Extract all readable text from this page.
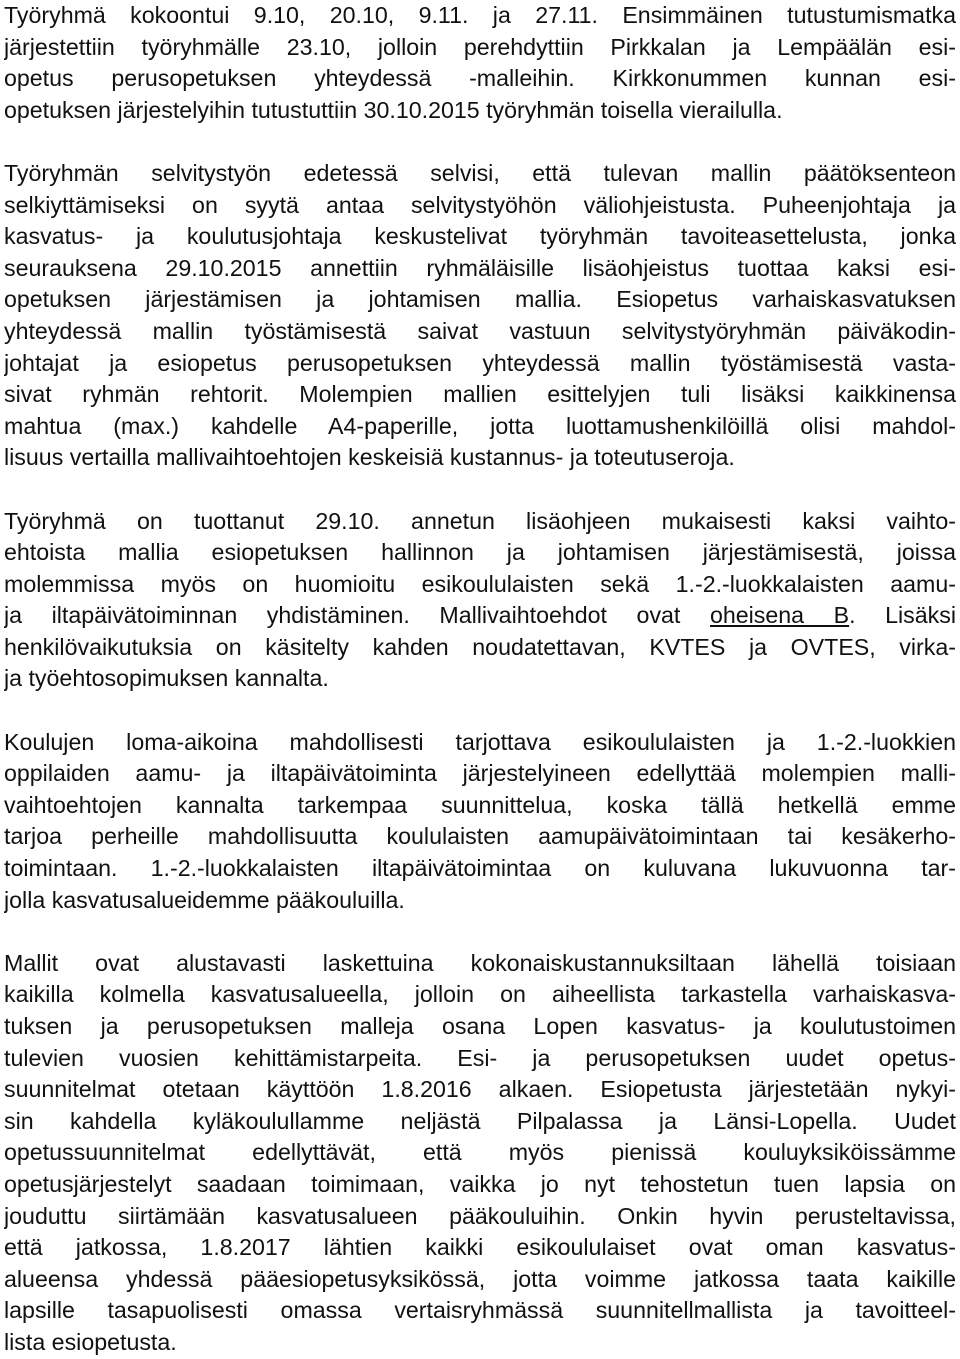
Työryhmä kokoontui 9.10, 20.10, 9.11. ja 27.11. Ensimmäinen tutustumismatka
järjestettiin työryhmälle 23.10, jolloin perehdyttiin Pirkkalan ja Lempäälän esi-
opetus perusopetuksen yhteydessä -malleihin. Kirkkonummen kunnan esi-
opetuksen järjestelyihin tutustuttiin 30.10.2015 työryhmän toisella vierailulla.

Työryhmän selvitystyön edetessä selvisi, että tulevan mallin päätöksenteon
selkiyttämiseksi on syytä antaa selvitystyöhön väliohjeistusta. Puheenjohtaja ja
kasvatus- ja koulutusjohtaja keskustelivat työryhmän tavoiteasettelusta, jonka
seurauksena 29.10.2015 annettiin ryhmäläisille lisäohjeistus tuottaa kaksi esi-
opetuksen järjestämisen ja johtamisen mallia. Esiopetus varhaiskasvatuksen
yhteydessä mallin työstämisestä saivat vastuun selvitystyöryhmän päiväkodin-
johtajat ja esiopetus perusopetuksen yhteydessä mallin työstämisestä vasta-
sivat ryhmän rehtorit. Molempien mallien esittelyjen tuli lisäksi kaikkinensa
mahtua (max.) kahdelle A4-paperille, jotta luottamushenkilöillä olisi mahdol-
lisuus vertailla mallivaihtoehtojen keskeisiä kustannus- ja toteutuseroja.

Työryhmä on tuottanut 29.10. annetun lisäohjeen mukaisesti kaksi vaihto-
ehtoista mallia esiopetuksen hallinnon ja johtamisen järjestämisestä, joissa
molemmissa myös on huomioitu esikoululaisten sekä 1.-2.-luokkalaisten aamu-
ja iltapäivätoiminnan yhdistäminen. Mallivaihtoehdot ovat oheisena B. Lisäksi
henkilövaikutuksia on käsitelty kahden noudatettavan, KVTES ja OVTES, virka-
ja työehtosopimuksen kannalta.

Koulujen loma-aikoina mahdollisesti tarjottava esikoululaisten ja 1.-2.-luokkien
oppilaiden aamu- ja iltapäivätoiminta järjestelyineen edellyttää molempien malli-
vaihtoehtojen kannalta tarkempaa suunnittelua, koska tällä hetkellä emme
tarjoa perheille mahdollisuutta koululaisten aamupäivätoimintaan tai kesäkerho-
toimintaan. 1.-2.-luokkalaisten iltapäivätoimintaa on kuluvana lukuvuonna tar-
jolla kasvatusalueidemme pääkouluilla.

Mallit ovat alustavasti laskettuina kokonaiskustannuksiltaan lähellä toisiaan
kaikilla kolmella kasvatusalueella, jolloin on aiheellista tarkastella varhaiskasva-
tuksen ja perusopetuksen malleja osana Lopen kasvatus- ja koulutustoimen
tulevien vuosien kehittämistarpeita. Esi- ja perusopetuksen uudet opetus-
suunnitelmat otetaan käyttöön 1.8.2016 alkaen. Esiopetusta järjestetään nykyi-
sin kahdella kyläkoulullamme neljästä Pilpalassa ja Länsi-Lopella. Uudet
opetussuunnitelmat edellyttävät, että myös pienissä kouluyksiköissämme
opetusjärjestelyt saadaan toimimaan, vaikka jo nyt tehostetun tuen lapsia on
jouduttu siirtämään kasvatusalueen pääkouluihin. Onkin hyvin perusteltavissa,
että jatkossa, 1.8.2017 lähtien kaikki esikoululaiset ovat oman kasvatus-
alueensa yhdessä pääesiopetusyksikössä, jotta voimme jatkossa taata kaikille
lapsille tasapuolisesti omassa vertaisryhmässä suunnitellmallista ja tavoitteel-
lista esiopetusta.
